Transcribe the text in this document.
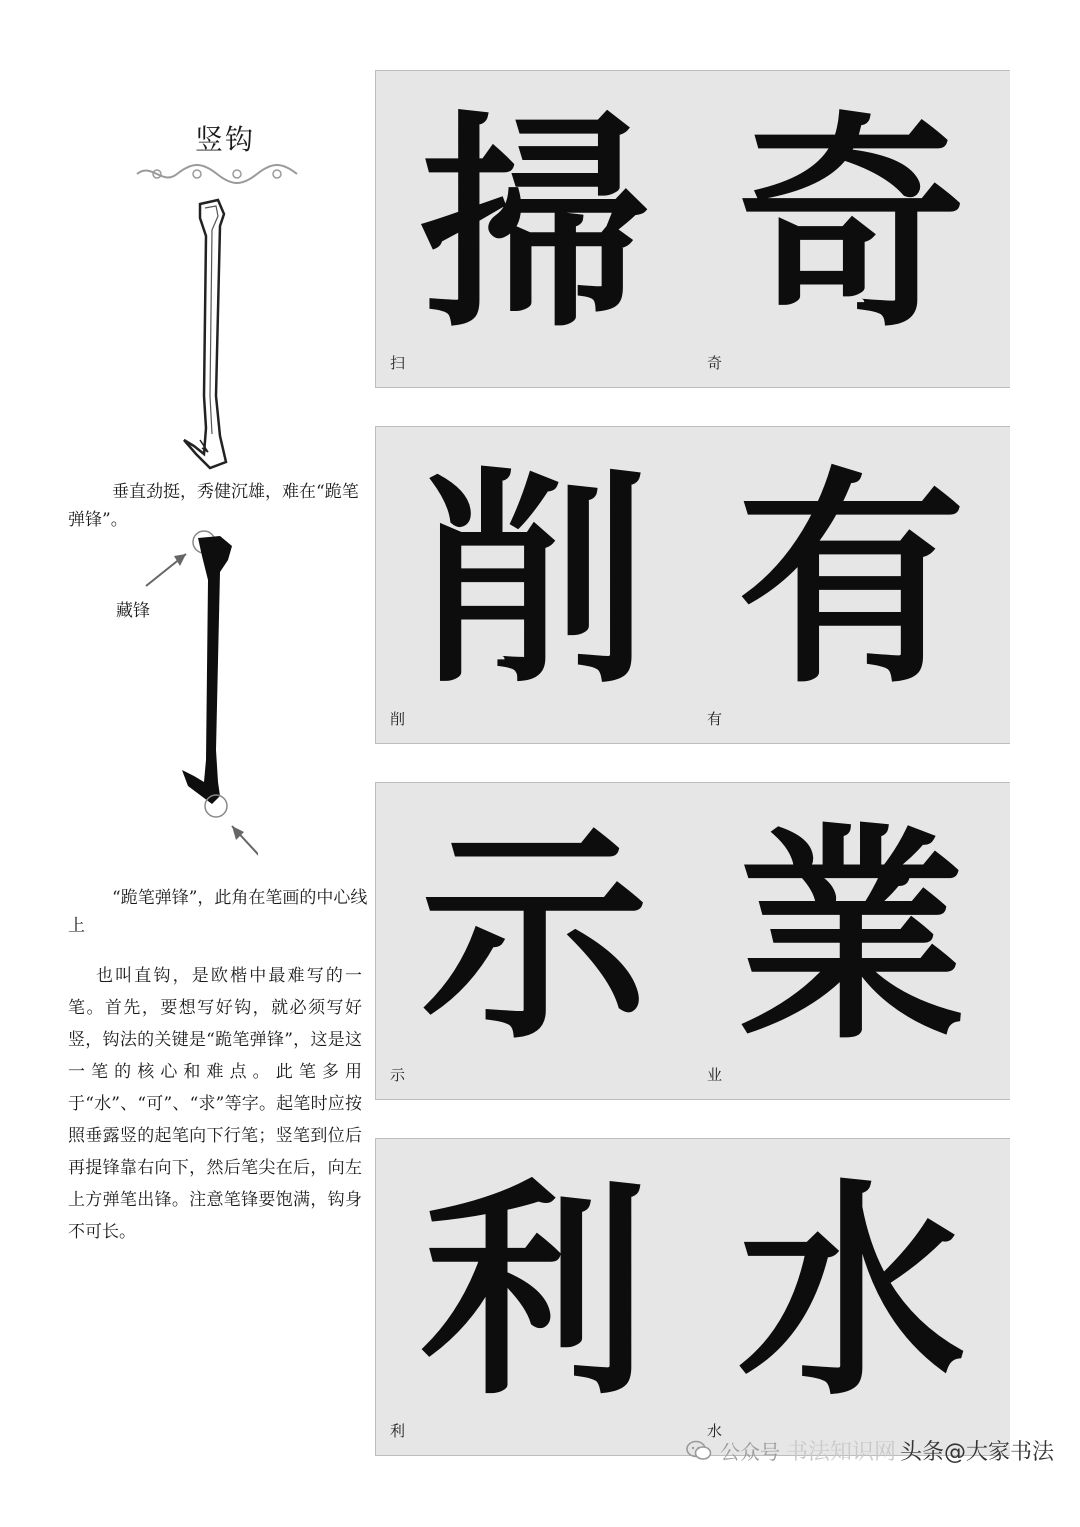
竖钩
垂直劲挺，秀健沉雄，难在“跪笔弹锋”。
藏锋
“跪笔弹锋”，此角在笔画的中心线上
也叫直钩，是欧楷中最难写的一笔。首先，要想写好钩，就必须写好竖，钩法的关键是“跪笔弹锋”，这是这一笔的核心和难点。此笔多用于“水”、“可”、“求”等字。起笔时应按照垂露竖的起笔向下行笔；竖笔到位后再提锋靠右向下，然后笔尖在后，向左上方弹笔出锋。注意笔锋要饱满，钩身不可长。
掃
扫
奇
奇
削
削
有
有
示
示
業
业
利
利
水
水
公众号 书法知识网 头条@大家书法
